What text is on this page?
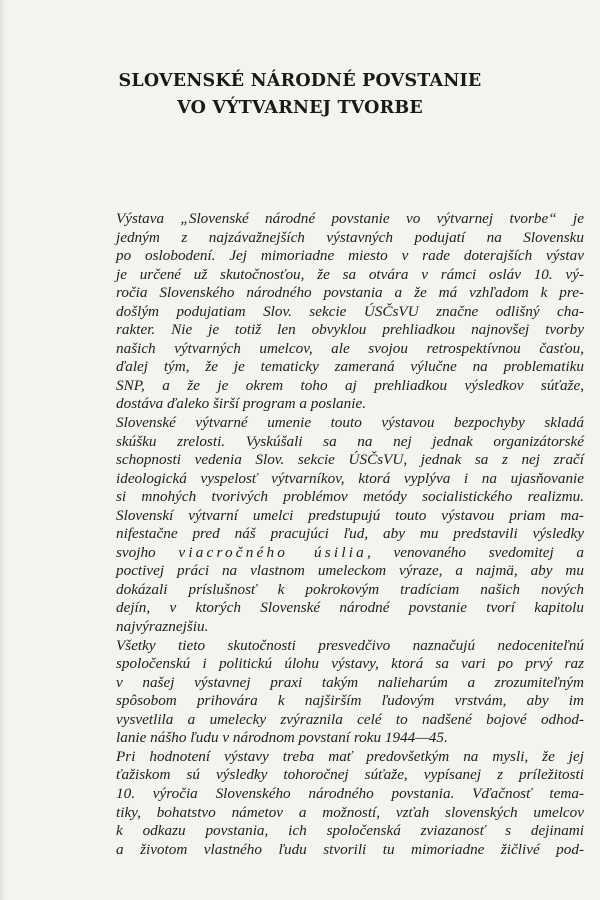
SLOVENSKÉ NÁRODNÉ POVSTANIE
VO VÝTVARNEJ TVORBE
Výstava „Slovenské národné povstanie vo výtvarnej tvorbe“ je
jedným z najzávažnejších výstavných podujatí na Slovensku
po oslobodení. Jej mimoriadne miesto v rade doterajších výstav
je určené už skutočnosťou, že sa otvára v rámci osláv 10. vý-
ročia Slovenského národného povstania a že má vzhľadom k pre-
došlým podujatiam Slov. sekcie ÚSČsVU značne odlišný cha-
rakter. Nie je totiž len obvyklou prehliadkou najnovšej tvorby
našich výtvarných umelcov, ale svojou retrospektívnou časťou,
ďalej tým, že je tematicky zameraná výlučne na problematiku
SNP, a že je okrem toho aj prehliadkou výsledkov súťaže,
dostáva ďaleko širší program a poslanie.
Slovenské výtvarné umenie touto výstavou bezpochyby skladá
skúšku zrelosti. Vyskúšali sa na nej jednak organizátorské
schopnosti vedenia Slov. sekcie ÚSČsVU, jednak sa z nej zračí
ideologická vyspelosť výtvarníkov, ktorá vyplýva i na ujasňovanie
si mnohých tvorivých problémov metódy socialistického realizmu.
Slovenskí výtvarní umelci predstupujú touto výstavou priam ma-
nifestačne pred náš pracujúci ľud, aby mu predstavili výsledky
svojho viacročného úsilia, venovaného svedomitej a
poctivej práci na vlastnom umeleckom výraze, a najmä, aby mu
dokázali príslušnosť k pokrokovým tradíciam našich nových
dejín, v ktorých Slovenské národné povstanie tvorí kapitolu
najvýraznejšiu.
Všetky tieto skutočnosti presvedčivo naznačujú nedoceniteľnú
spoločenskú i politickú úlohu výstavy, ktorá sa vari po prvý raz
v našej výstavnej praxi takým nalieharúm a zrozumiteľným
spôsobom prihovára k najširším ľudovým vrstvám, aby im
vysvetlila a umelecky zvýraznila celé to nadšené bojové odhod-
lanie nášho ľudu v národnom povstaní roku 1944—45.
Pri hodnotení výstavy treba mať predovšetkým na mysli, že jej
ťažiskom sú výsledky tohoročnej súťaže, vypísanej z príležitosti
10. výročia Slovenského národného povstania. Vďačnosť tema-
tiky, bohatstvo námetov a možností, vzťah slovenských umelcov
k odkazu povstania, ich spoločenská zviazanosť s dejinami
a životom vlastného ľudu stvorili tu mimoriadne žičlivé pod-
